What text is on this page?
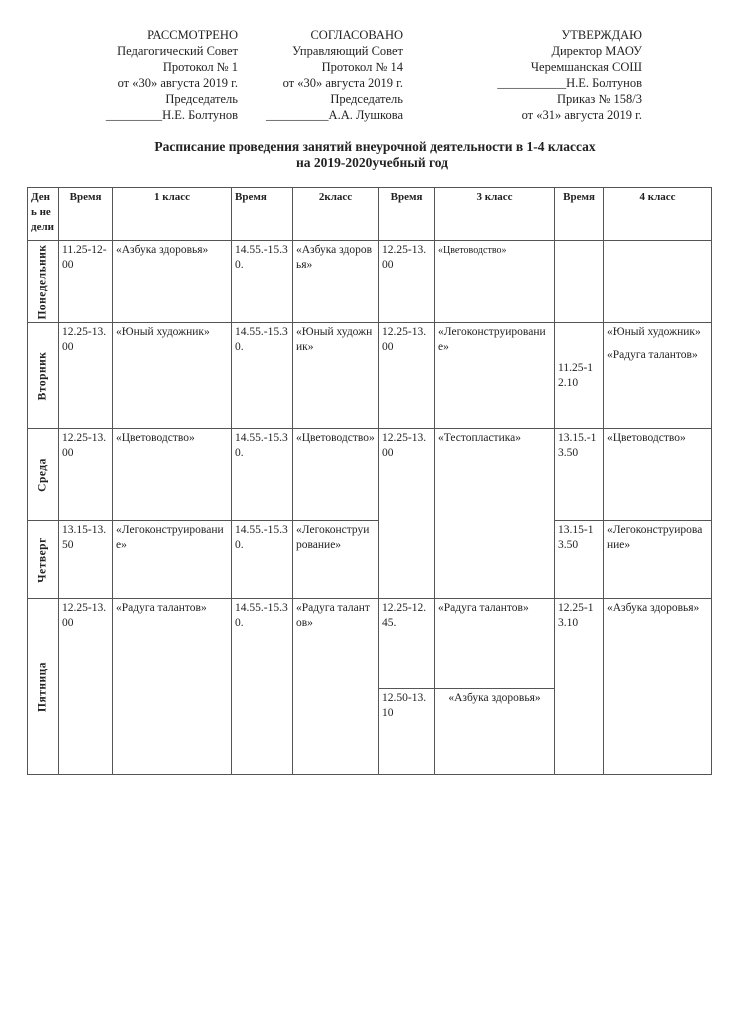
РАССМОТРЕНО
Педагогический Совет
Протокол № 1
от «30» августа 2019 г.
Председатель
_________Н.Е. Болтунов
СОГЛАСОВАНО
Управляющий Совет
Протокол № 14
от «30» августа 2019 г.
Председатель
__________А.А. Лушкова
УТВЕРЖДАЮ
Директор МАОУ
Черемшанская СОШ
___________Н.Е. Болтунов
Приказ № 158/3
от «31» августа 2019 г.
Расписание проведения занятий внеурочной деятельности в 1-4 классах
на 2019-2020учебный год
День недели	Время	1 класс	Время	2класс	Время	3 класс	Время	4 класс

Понедельник	11.25-12-00	«Азбука здоровья»	14.55.-15.30.	«Азбука здоровья»	12.25-13.00	«Цветоводство»		

Вторник	12.25-13.00	«Юный художник»	14.55.-15.30.	«Юный художник»	12.25-13.00	«Легоконструирование»	11.25-12.10	«Юный художник»
«Радуга талантов»

Среда	12.25-13.00	«Цветоводство»	14.55.-15.30.	«Цветоводство»	12.25-13.00	«Тестопластика»	13.15.-13.50	«Цветоводство»

Четверг	13.15-13.50	«Легоконструирование»	14.55.-15.30.	«Легоконструирование»			13.15-13.50	«Легоконструирование»

Пятница	12.25-13.00	«Радуга талантов»	14.55.-15.30.	«Радуга талантов»	12.25-12.45.	«Радуга талантов»	12.25-13.10	«Азбука здоровья»
					12.50-13.10	«Азбука здоровья»		
